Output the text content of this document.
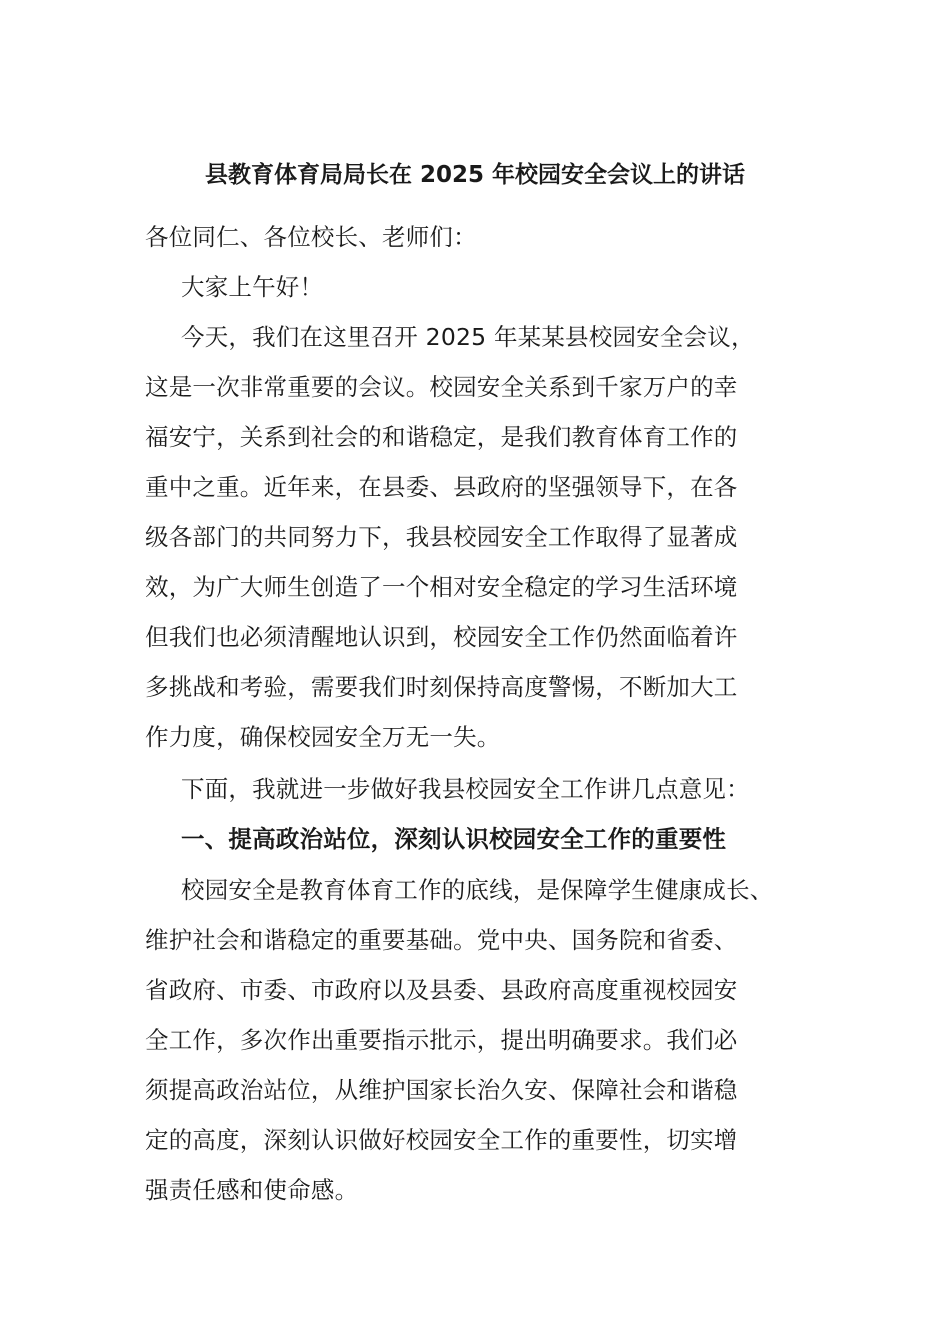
县教育体育局局长在 2025 年校园安全会议上的讲话
各位同仁、各位校长、老师们：
大家上午好！
今天，我们在这里召开 2025 年某某县校园安全会议，
这是一次非常重要的会议。校园安全关系到千家万户的幸
福安宁，关系到社会的和谐稳定，是我们教育体育工作的
重中之重。近年来，在县委、县政府的坚强领导下，在各
级各部门的共同努力下，我县校园安全工作取得了显著成
效，为广大师生创造了一个相对安全稳定的学习生活环境
但我们也必须清醒地认识到，校园安全工作仍然面临着许
多挑战和考验，需要我们时刻保持高度警惕，不断加大工
作力度，确保校园安全万无一失。
下面，我就进一步做好我县校园安全工作讲几点意见：
一、提高政治站位，深刻认识校园安全工作的重要性
校园安全是教育体育工作的底线，是保障学生健康成长、
维护社会和谐稳定的重要基础。党中央、国务院和省委、
省政府、市委、市政府以及县委、县政府高度重视校园安
全工作，多次作出重要指示批示，提出明确要求。我们必
须提高政治站位，从维护国家长治久安、保障社会和谐稳
定的高度，深刻认识做好校园安全工作的重要性，切实增
强责任感和使命感。
